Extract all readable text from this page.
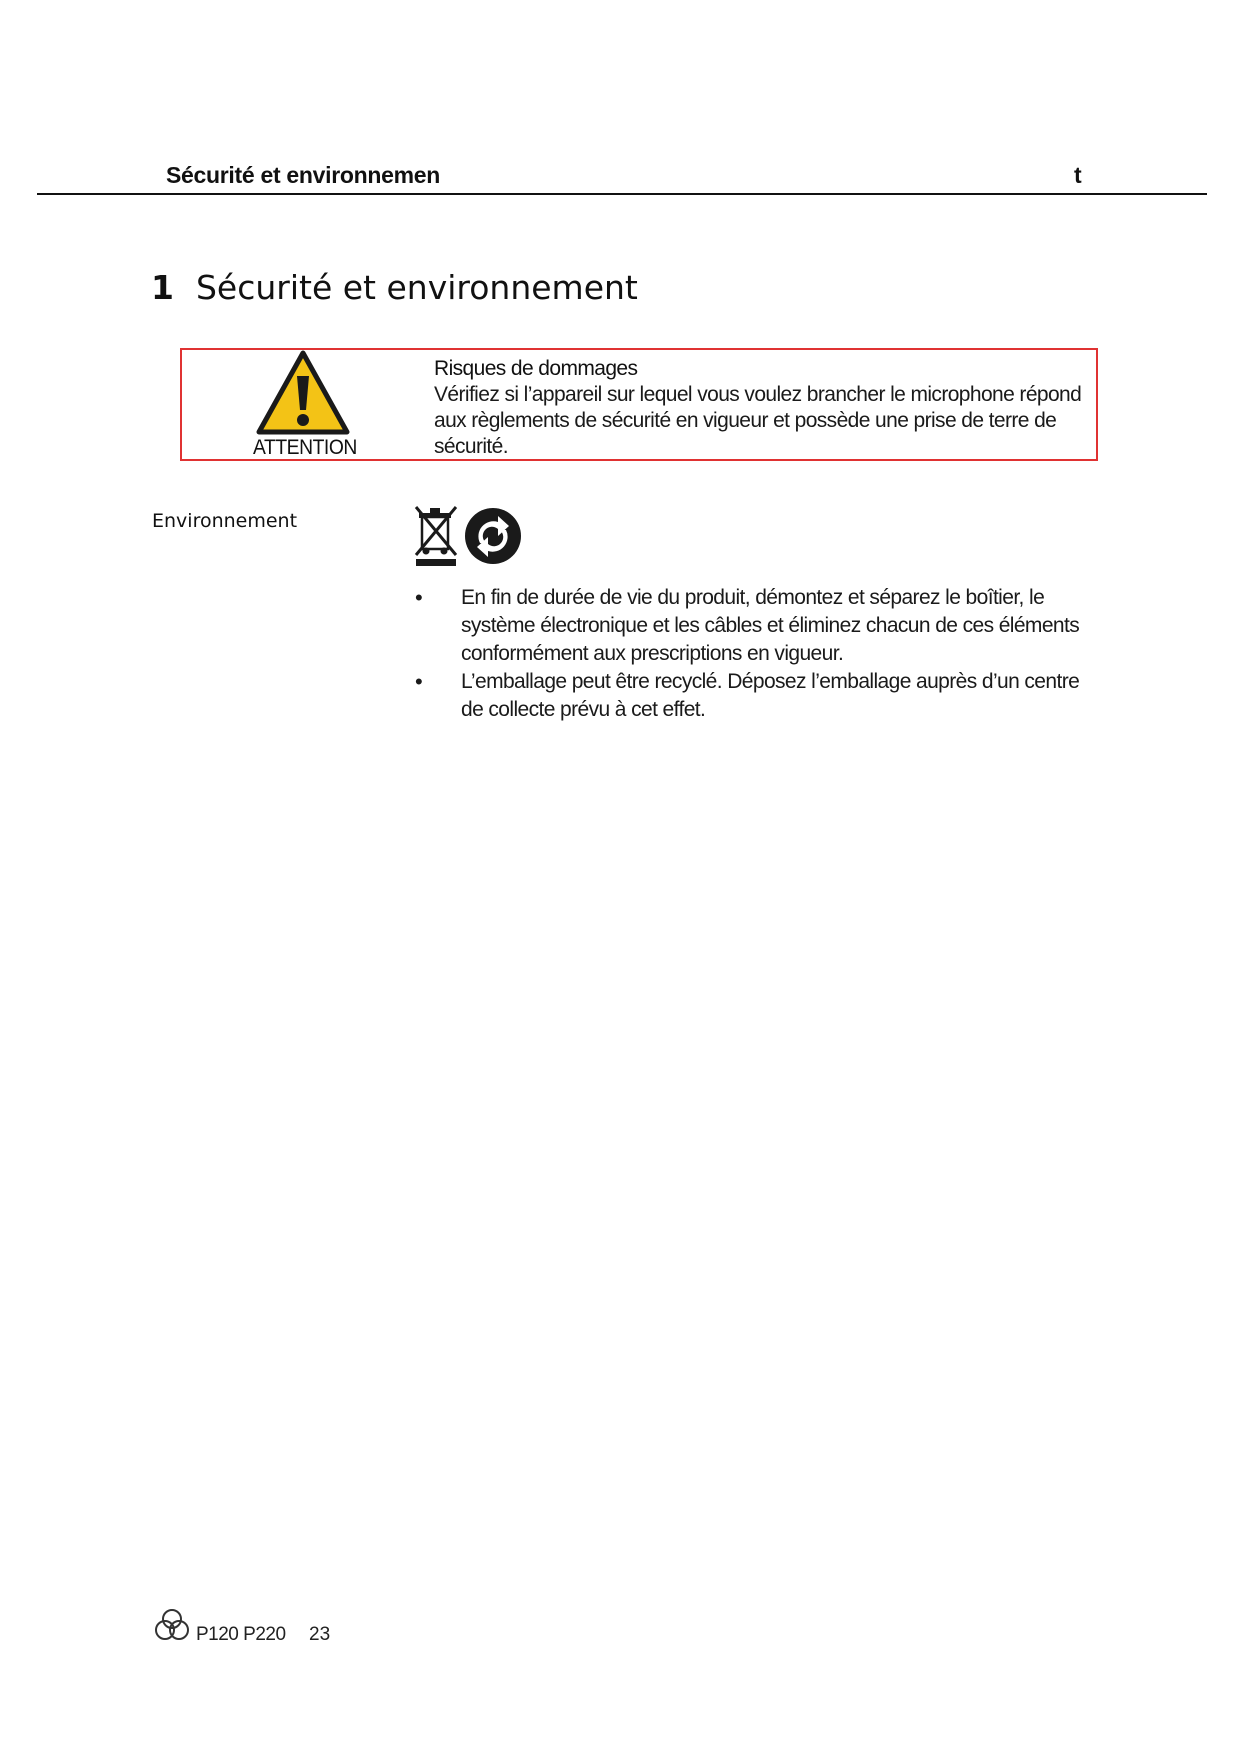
Sécurité et environnemen	t
1 Sécurité et environnement
ATTENTION
Risques de dommages
Vérifiez si l’appareil sur lequel vous voulez brancher le microphone répond aux règlements de sécurité en vigueur et possède une prise de terre de sécurité.
Environnement
• En fin de durée de vie du produit, démontez et séparez le boîtier, le système électronique et les câbles et éliminez chacun de ces éléments conformément aux prescriptions en vigueur.
• L’emballage peut être recyclé. Déposez l’emballage auprès d’un centre de collecte prévu à cet effet.
P120 P220 23
